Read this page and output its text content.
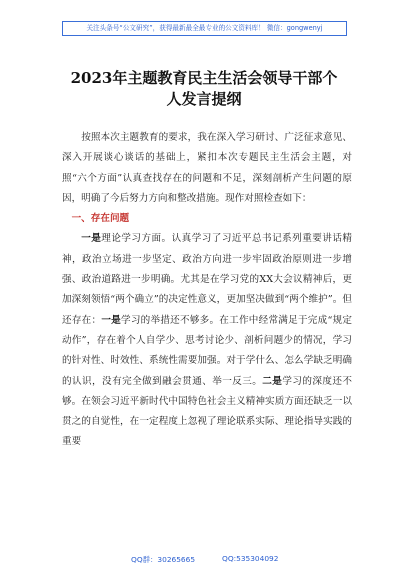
关注头条号“公文研究”，获得最新最全最专业的公文资料库！ 微信：gongwenyj
2023年主题教育民主生活会领导干部个
人发言提纲

按照本次主题教育的要求，我在深入学习研讨、广泛征求意见、深入开展谈心谈话的基础上，紧扣本次专题民主生活会主题，对照“六个方面”认真查找存在的问题和不足，深刻剖析产生问题的原因，明确了今后努力方向和整改措施。现作对照检查如下：

一、存在问题

一是理论学习方面。认真学习了习近平总书记系列重要讲话精神，政治立场进一步坚定、政治方向进一步牢固政治原则进一步增强、政治道路进一步明确。尤其是在学习党的XX大会议精神后，更加深刻领悟“两个确立”的决定性意义，更加坚决做到“两个维护”。但还存在：一是学习的举措还不够多。在工作中经常满足于完成“规定动作”，存在着个人自学少、思考讨论少、剖析问题少的情况，学习的针对性、时效性、系统性需要加强。对于学什么、怎么学缺乏明确的认识，没有完全做到融会贯通、举一反三。二是学习的深度还不够。在领会习近平新时代中国特色社会主义精神实质方面还缺乏一以贯之的自觉性，在一定程度上忽视了理论联系实际、理论指导实践的重要

QQ群：30265665	QQ:535304092
